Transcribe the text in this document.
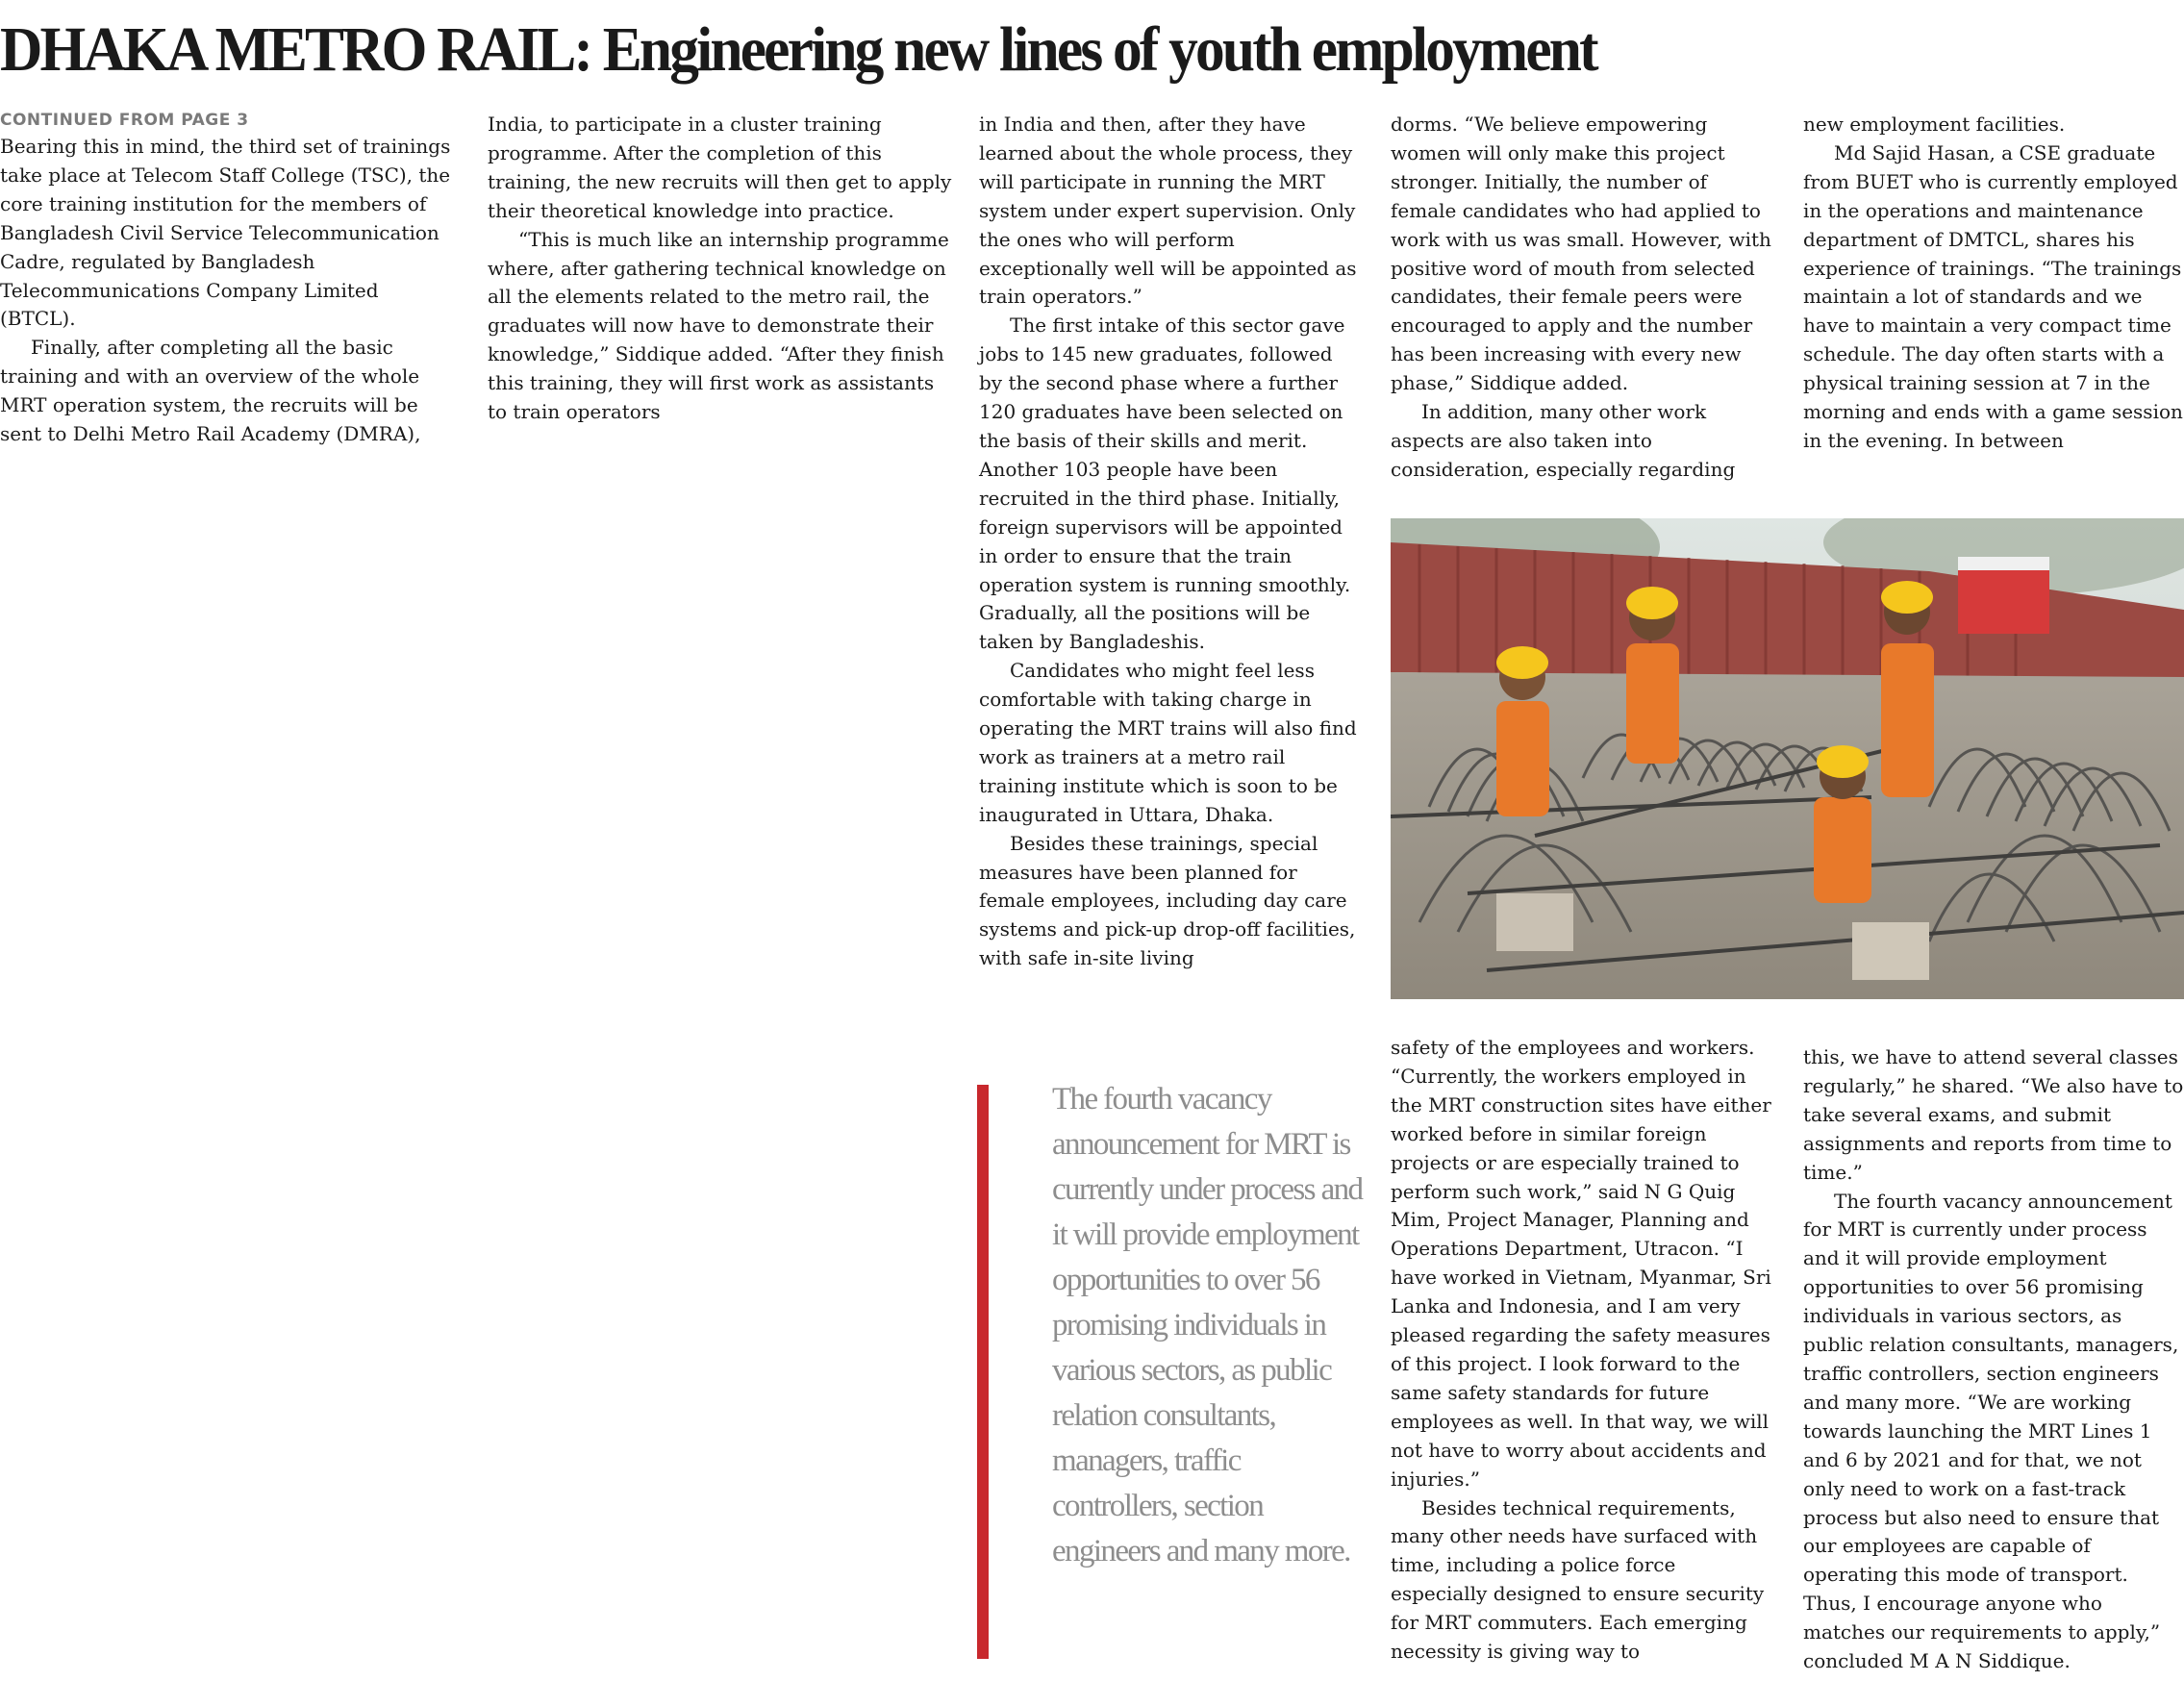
DHAKA METRO RAIL: Engineering new lines of youth employment
CONTINUED FROM PAGE 3

Bearing this in mind, the third set of trainings take place at Telecom Staff College (TSC), the core training institution for the members of Bangladesh Civil Service Telecommunication Cadre, regulated by Bangladesh Telecommunications Company Limited (BTCL).

Finally, after completing all the basic training and with an overview of the whole MRT operation system, the recruits will be sent to Delhi Metro Rail Academy (DMRA),

India, to participate in a cluster training programme. After the completion of this training, the new recruits will then get to apply their theoretical knowledge into practice.

“This is much like an internship programme where, after gathering technical knowledge on all the elements related to the metro rail, the graduates will now have to demonstrate their knowledge,” Siddique added. “After they finish this training, they will first work as assistants to train operators

in India and then, after they have learned about the whole process, they will participate in running the MRT system under expert supervision. Only the ones who will perform exceptionally well will be appointed as train operators.”

The first intake of this sector gave jobs to 145 new graduates, followed by the second phase where a further 120 graduates have been selected on the basis of their skills and merit. Another 103 people have been recruited in the third phase. Initially, foreign supervisors will be appointed in order to ensure that the train operation system is running smoothly. Gradually, all the positions will be taken by Bangladeshis.

Candidates who might feel less comfortable with taking charge in operating the MRT trains will also find work as trainers at a metro rail training institute which is soon to be inaugurated in Uttara, Dhaka.

Besides these trainings, special measures have been planned for female employees, including day care systems and pick-up drop-off facilities, with safe in-site living

dorms. “We believe empowering women will only make this project stronger. Initially, the number of female candidates who had applied to work with us was small. However, with positive word of mouth from selected candidates, their female peers were encouraged to apply and the number has been increasing with every new phase,” Siddique added.

In addition, many other work aspects are also taken into consideration, especially regarding

new employment facilities.

Md Sajid Hasan, a CSE graduate from BUET who is currently employed in the operations and maintenance department of DMTCL, shares his experience of trainings. “The trainings maintain a lot of standards and we have to maintain a very compact time schedule. The day often starts with a physical training session at 7 in the morning and ends with a game session in the evening. In between

The fourth vacancy announcement for MRT is currently under process and it will provide employment opportunities to over 56 promising individuals in various sectors, as public relation consultants, managers, traffic controllers, section engineers and many more.

safety of the employees and workers. “Currently, the workers employed in the MRT construction sites have either worked before in similar foreign projects or are especially trained to perform such work,” said N G Quig Mim, Project Manager, Planning and Operations Department, Utracon. “I have worked in Vietnam, Myanmar, Sri Lanka and Indonesia, and I am very pleased regarding the safety measures of this project. I look forward to the same safety standards for future employees as well. In that way, we will not have to worry about accidents and injuries.”

Besides technical requirements, many other needs have surfaced with time, including a police force especially designed to ensure security for MRT commuters. Each emerging necessity is giving way to

this, we have to attend several classes regularly,” he shared. “We also have to take several exams, and submit assignments and reports from time to time.”

The fourth vacancy announcement for MRT is currently under process and it will provide employment opportunities to over 56 promising individuals in various sectors, as public relation consultants, managers, traffic controllers, section engineers and many more. “We are working towards launching the MRT Lines 1 and 6 by 2021 and for that, we not only need to work on a fast-track process but also need to ensure that our employees are capable of operating this mode of transport. Thus, I encourage anyone who matches our requirements to apply,” concluded M A N Siddique.
